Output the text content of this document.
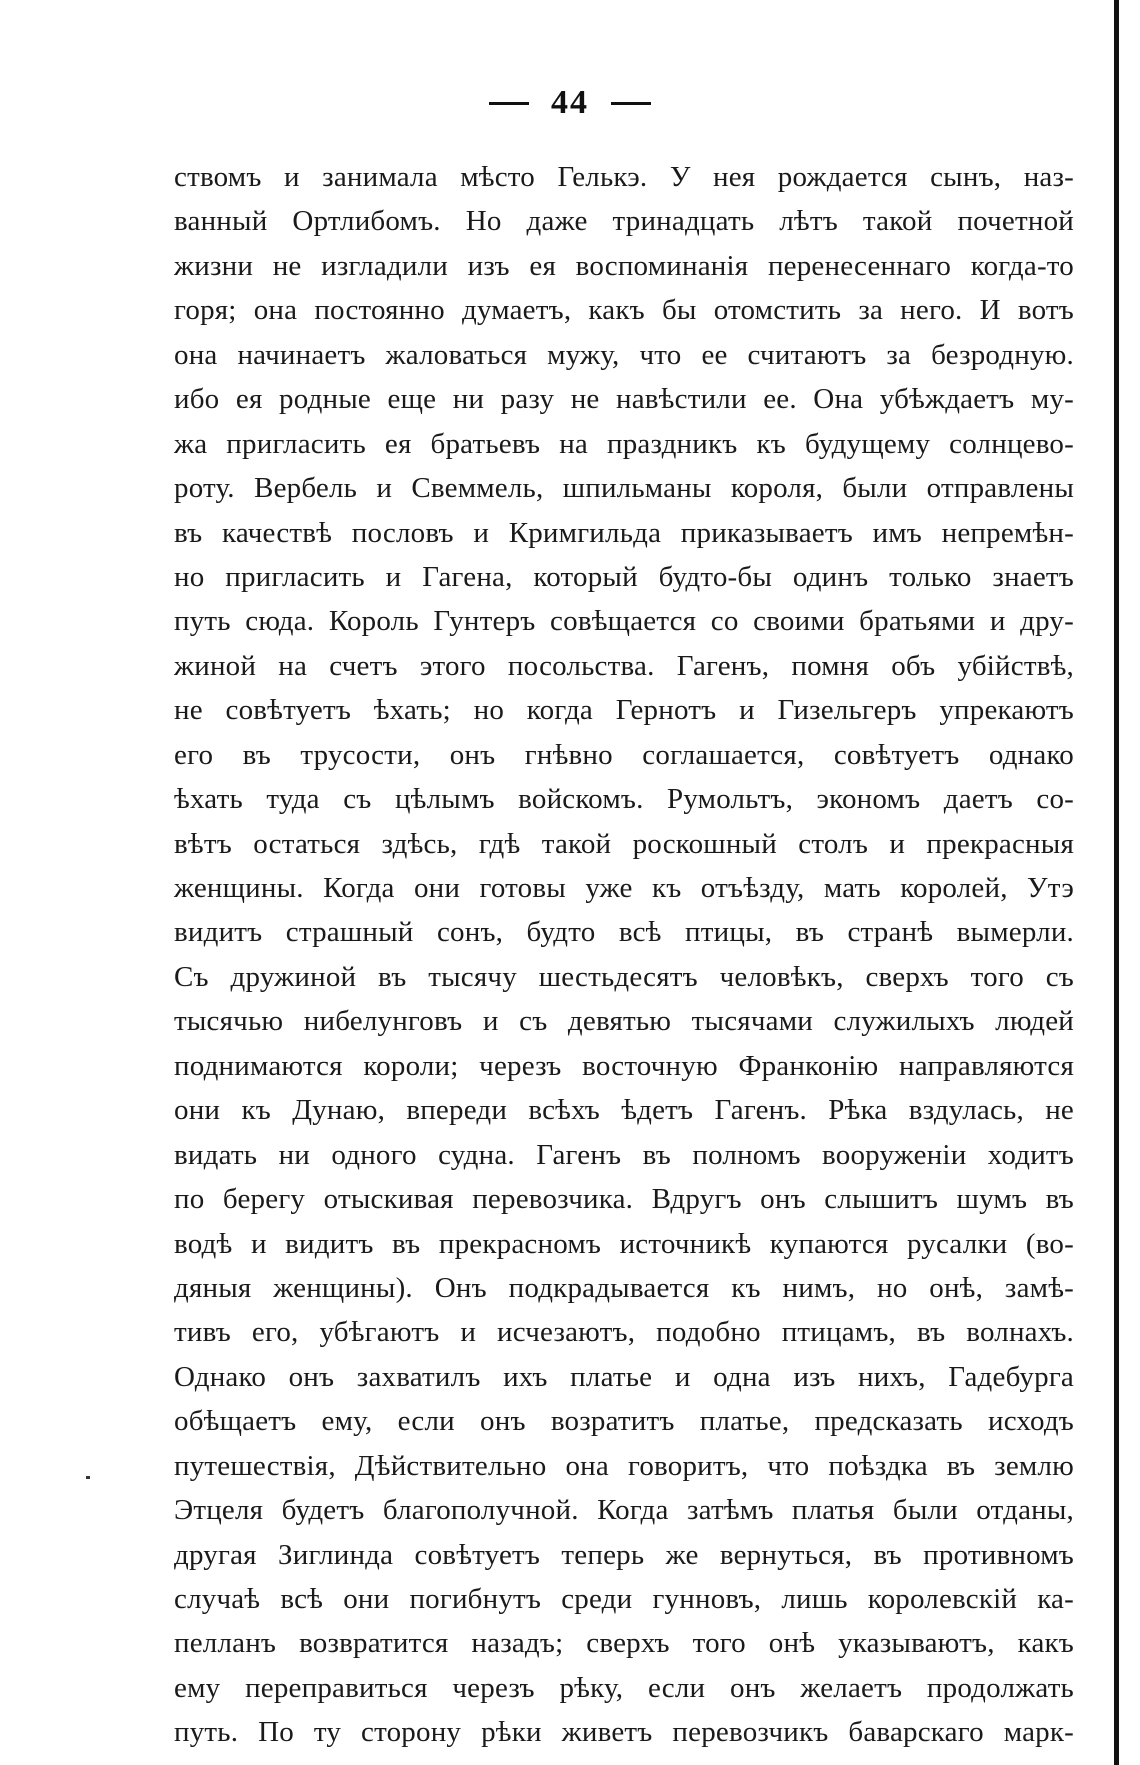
44
ствомъ и занимала мѣсто Гелькэ. У нея рождается сынъ, наз-
ванный Ортлибомъ. Но даже тринадцать лѣтъ такой почетной
жизни не изгладили изъ ея воспоминанія перенесеннаго когда-то
горя; она постоянно думаетъ, какъ бы отомстить за него. И вотъ
она начинаетъ жаловаться мужу, что ее считаютъ за безродную.
ибо ея родные еще ни разу не навѣстили ее. Она убѣждаетъ му-
жа пригласить ея братьевъ на праздникъ къ будущему солнцево-
роту. Вербель и Свеммель, шпильманы короля, были отправлены
въ качествѣ пословъ и Кримгильда приказываетъ имъ непремѣн-
но пригласить и Гагена, который будто-бы одинъ только знаетъ
путь сюда. Король Гунтеръ совѣщается со своими братьями и дру-
жиной на счетъ этого посольства. Гагенъ, помня объ убійствѣ,
не совѣтуетъ ѣхать; но когда Гернотъ и Гизельгеръ упрекаютъ
его въ трусости, онъ гнѣвно соглашается, совѣтуетъ однако
ѣхать туда съ цѣлымъ войскомъ. Румольтъ, экономъ даетъ со-
вѣтъ остаться здѣсь, гдѣ такой роскошный столъ и прекрасныя
женщины. Когда они готовы уже къ отъѣзду, мать королей, Утэ
видитъ страшный сонъ, будто всѣ птицы, въ странѣ вымерли.
Съ дружиной въ тысячу шестьдесятъ человѣкъ, сверхъ того съ
тысячью нибелунговъ и съ девятью тысячами служилыхъ людей
поднимаются короли; черезъ восточную Франконію направляются
они къ Дунаю, впереди всѣхъ ѣдетъ Гагенъ. Рѣка вздулась, не
видать ни одного судна. Гагенъ въ полномъ вооруженіи ходитъ
по берегу отыскивая перевозчика. Вдругъ онъ слышитъ шумъ въ
водѣ и видитъ въ прекрасномъ источникѣ купаются русалки (во-
дяныя женщины). Онъ подкрадывается къ нимъ, но онѣ, замѣ-
тивъ его, убѣгаютъ и исчезаютъ, подобно птицамъ, въ волнахъ.
Однако онъ захватилъ ихъ платье и одна изъ нихъ, Гадебурга
обѣщаетъ ему, если онъ возратитъ платье, предсказать исходъ
путешествія, Дѣйствительно она говоритъ, что поѣздка въ землю
Этцеля будетъ благополучной. Когда затѣмъ платья были отданы,
другая Зиглинда совѣтуетъ теперь же вернуться, въ противномъ
случаѣ всѣ они погибнутъ среди гунновъ, лишь королевскій ка-
пелланъ возвратится назадъ; сверхъ того онѣ указываютъ, какъ
ему переправиться черезъ рѣку, если онъ желаетъ продолжать
путь. По ту сторону рѣки живетъ перевозчикъ баварскаго марк-
